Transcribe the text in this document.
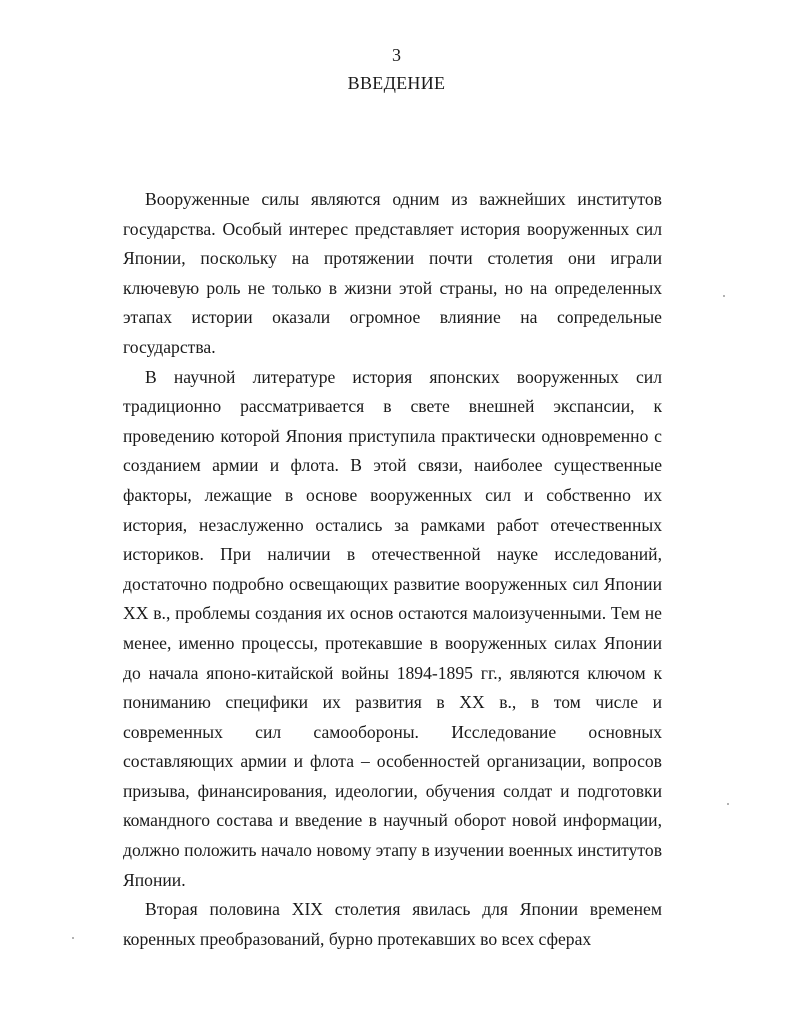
3
ВВЕДЕНИЕ

Вооруженные силы являются одним из важнейших институтов государства. Особый интерес представляет история вооруженных сил Японии, поскольку на протяжении почти столетия они играли ключевую роль не только в жизни этой страны, но на определенных этапах истории оказали огромное влияние на сопредельные государства.

В научной литературе история японских вооруженных сил традиционно рассматривается в свете внешней экспансии, к проведению которой Япония приступила практически одновременно с созданием армии и флота. В этой связи, наиболее существенные факторы, лежащие в основе вооруженных сил и собственно их история, незаслуженно остались за рамками работ отечественных историков. При наличии в отечественной науке исследований, достаточно подробно освещающих развитие вооруженных сил Японии XX в., проблемы создания их основ остаются малоизученными. Тем не менее, именно процессы, протекавшие в вооруженных силах Японии до начала японо-китайской войны 1894-1895 гг., являются ключом к пониманию специфики их развития в XX в., в том числе и современных сил самообороны. Исследование основных составляющих армии и флота – особенностей организации, вопросов призыва, финансирования, идеологии, обучения солдат и подготовки командного состава и введение в научный оборот новой информации, должно положить начало новому этапу в изучении военных институтов Японии.

Вторая половина XIX столетия явилась для Японии временем коренных преобразований, бурно протекавших во всех сферах
